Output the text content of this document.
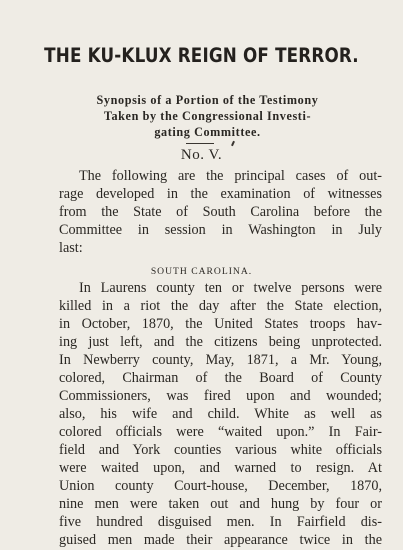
THE KU-KLUX REIGN OF TERROR.
Synopsis of a Portion of the Testimony
Taken by the Congressional Investi-
gating Committee.
No. V.
The following are the principal cases of out-
rage developed in the examination of witnesses
from the State of South Carolina before the
Committee in session in Washington in July
last:
SOUTH CAROLINA.
In Laurens county ten or twelve persons were
killed in a riot the day after the State election,
in October, 1870, the United States troops hav-
ing just left, and the citizens being unprotected.
In Newberry county, May, 1871, a Mr. Young,
colored, Chairman of the Board of County
Commissioners, was fired upon and wounded;
also, his wife and child. White as well as
colored officials were “waited upon.” In Fair-
field and York counties various white officials
were waited upon, and warned to resign. At
Union county Court-house, December, 1870,
nine men were taken out and hung by four or
five hundred disguised men. In Fairfield dis-
guised men made their appearance twice in the
